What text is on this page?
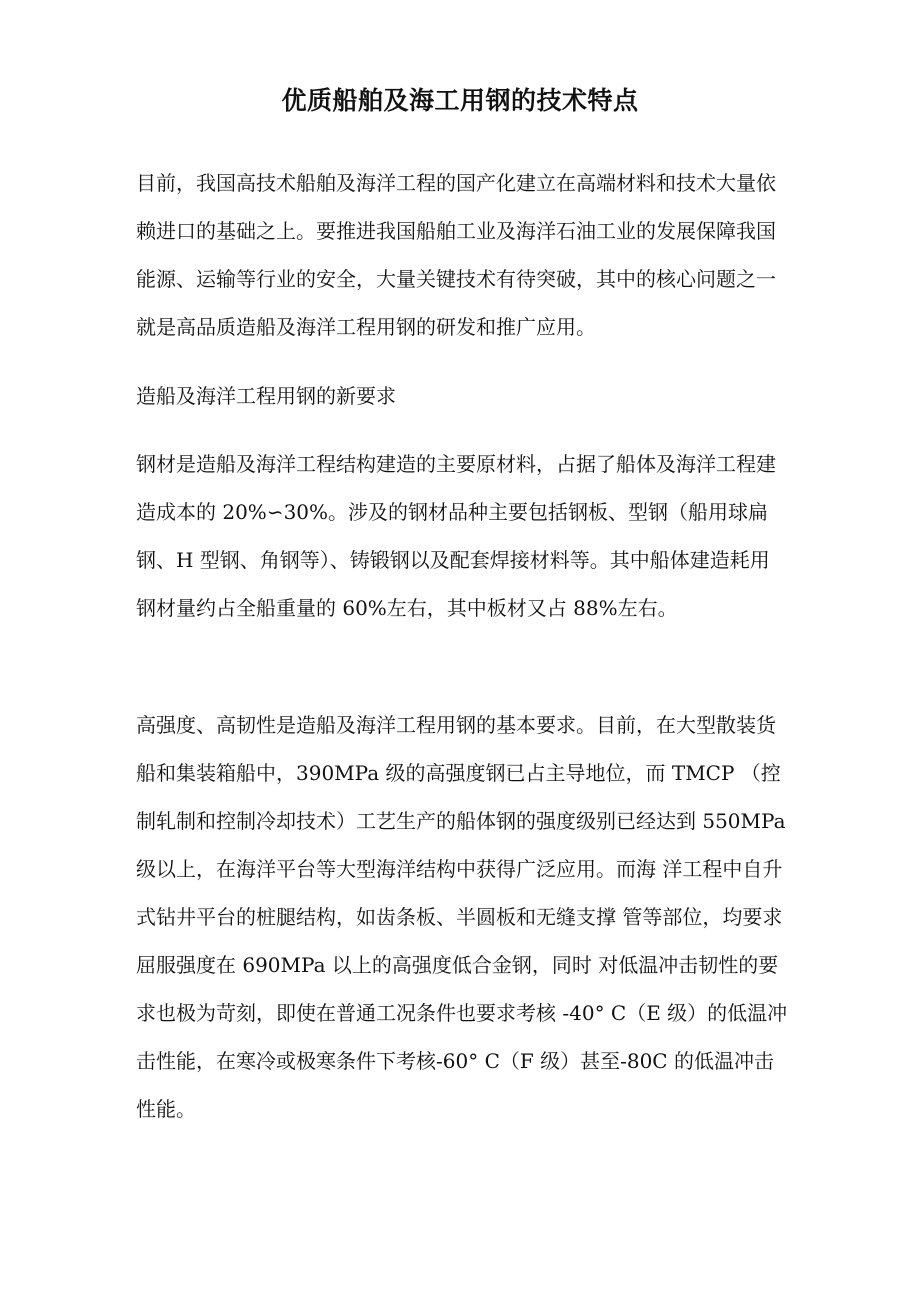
优质船舶及海工用钢的技术特点
目前，我国高技术船舶及海洋工程的国产化建立在高端材料和技术大量依赖进口的基础之上。要推进我国船舶工业及海洋石油工业的发展保障我国能源、运输等行业的安全，大量关键技术有待突破，其中的核心问题之一就是高品质造船及海洋工程用钢的研发和推广应用。
造船及海洋工程用钢的新要求
钢材是造船及海洋工程结构建造的主要原材料，占据了船体及海洋工程建造成本的 20%∽30%。涉及的钢材品种主要包括钢板、型钢（船用球扁钢、H 型钢、角钢等）、铸锻钢以及配套焊接材料等。其中船体建造耗用钢材量约占全船重量的 60%左右，其中板材又占 88%左右。
高强度、高韧性是造船及海洋工程用钢的基本要求。目前，在大型散装货船和集装箱船中，390MPa 级的高强度钢已占主导地位，而 TMCP （控制轧制和控制冷却技术）工艺生产的船体钢的强度级别已经达到 550MPa 级以上，在海洋平台等大型海洋结构中获得广泛应用。而海 洋工程中自升式钻井平台的桩腿结构，如齿条板、半圆板和无缝支撑 管等部位，均要求屈服强度在 690MPa 以上的高强度低合金钢，同时 对低温冲击韧性的要求也极为苛刻，即使在普通工况条件也要求考核 -40° C（E 级）的低温冲击性能，在寒冷或极寒条件下考核-60° C（F 级）甚至-80C 的低温冲击性能。
